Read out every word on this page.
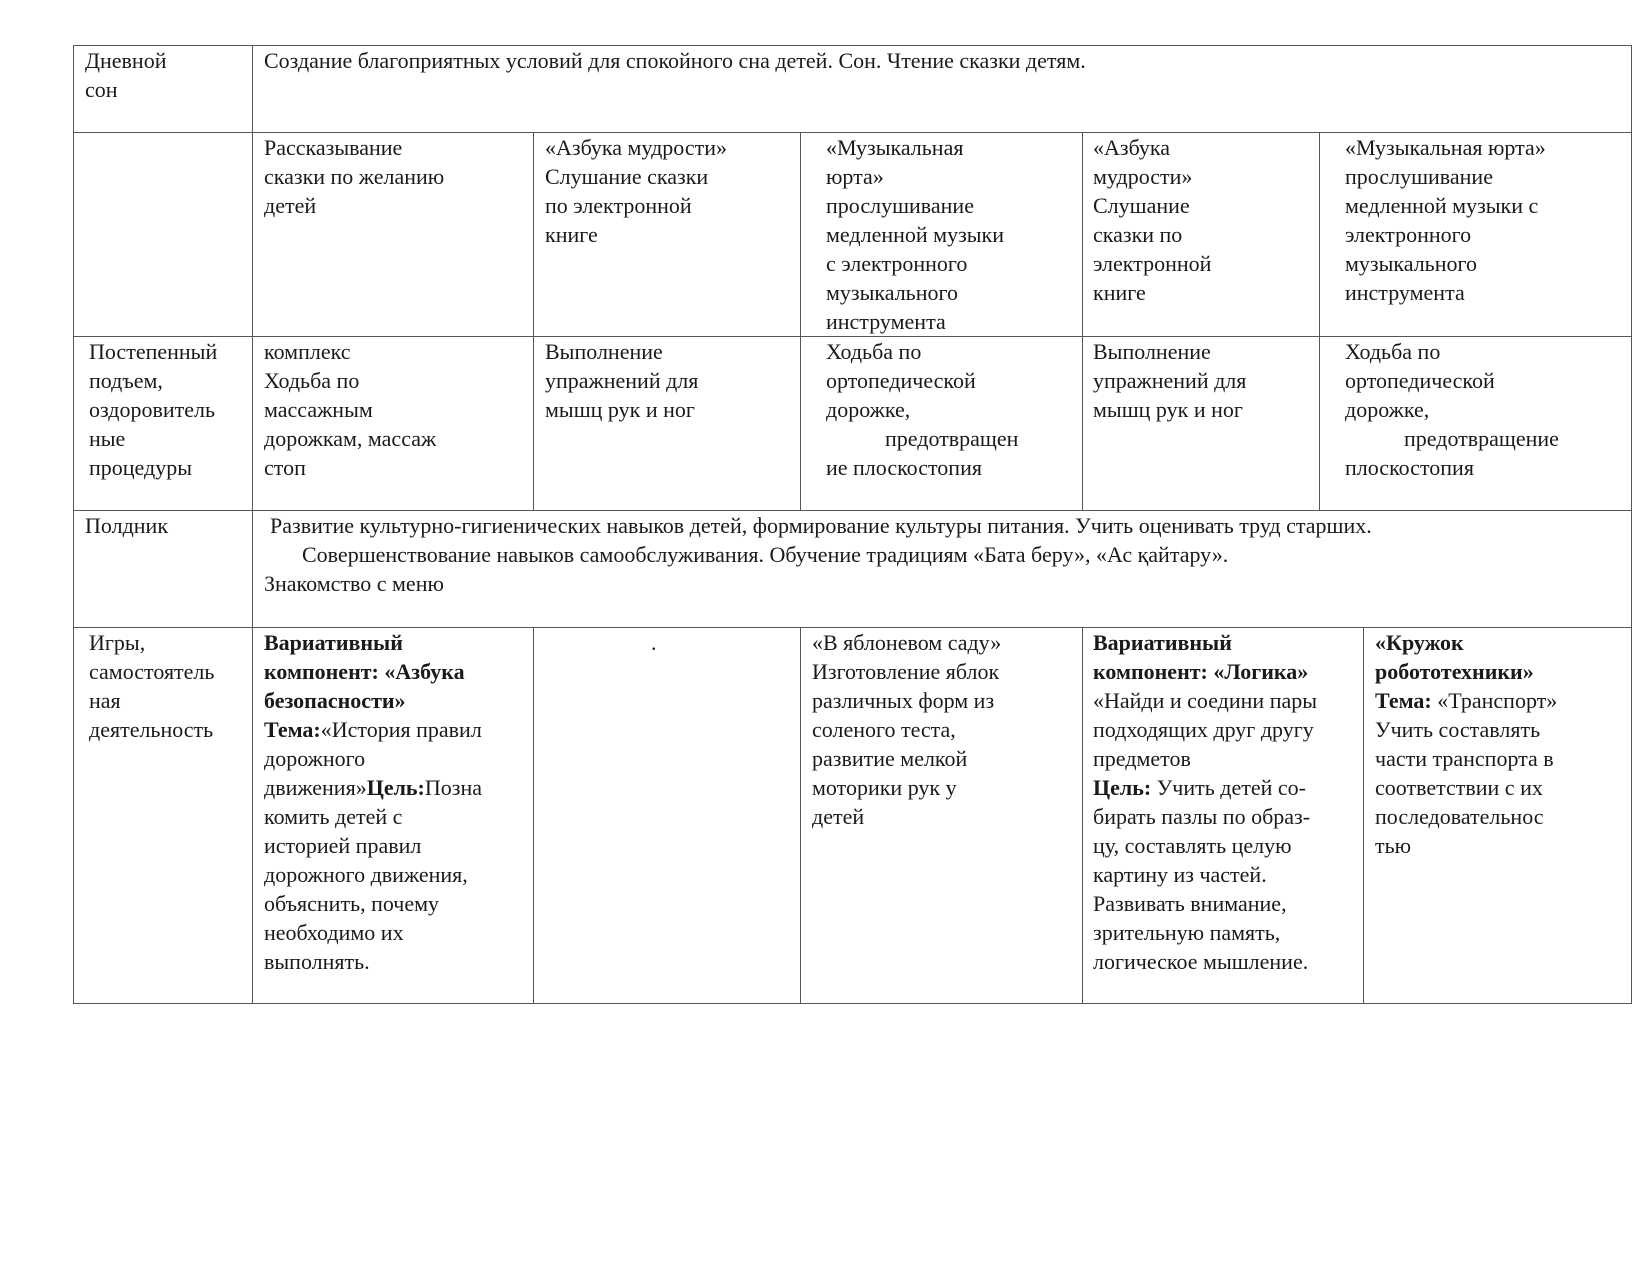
Дневной
сон
Создание благоприятных условий для спокойного сна детей. Сон. Чтение сказки детям.
Рассказывание
сказки по желанию
детей
«Азбука мудрости»
Слушание сказки
по электронной
книге
«Музыкальная
юрта»
прослушивание
медленной музыки
с электронного
музыкального
инструмента
«Азбука
мудрости»
Слушание
сказки по
электронной
книге
«Музыкальная юрта»
прослушивание
медленной музыки с
электронного
музыкального
инструмента
Постепенный
подъем,
оздоровитель
ные
процедуры
комплекс
Ходьба по
массажным
дорожкам, массаж
стоп
Выполнение
упражнений для
мышц рук и ног
Ходьба по
ортопедической
дорожке,
предотвращен
ие плоскостопия
Выполнение
упражнений для
мышц рук и ног
Ходьба по
ортопедической
дорожке,
предотвращение
плоскостопия
Полдник	Развитие культурно-гигиенических навыков детей, формирование культуры питания. Учить оценивать труд старших.
Совершенствование навыков самообслуживания. Обучение традициям «Бата беру», «Ас қайтару».
Знакомство с меню
Игры,
самостоятель
ная
деятельность
Вариативный
компонент: «Азбука
безопасности»
Тема:«История правил
дорожного
движения»Цель:Позна
комить детей с
историей правил
дорожного движения,
объяснить, почему
необходимо их
выполнять.
.	«В яблоневом саду»
Изготовление яблок
различных форм из
соленого теста,
развитие мелкой
моторики рук у
детей
Вариативный
компонент: «Логика»
«Найди и соедини пары
подходящих друг другу
предметов
Цель: Учить детей со-
бирать пазлы по образ-
цу, составлять целую
картину из частей.
Развивать внимание,
зрительную память,
логическое мышление.
«Кружок
робототехники»
Тема: «Транспорт»
Учить составлять
части транспорта в
соответствии с их
последовательнос
тью
